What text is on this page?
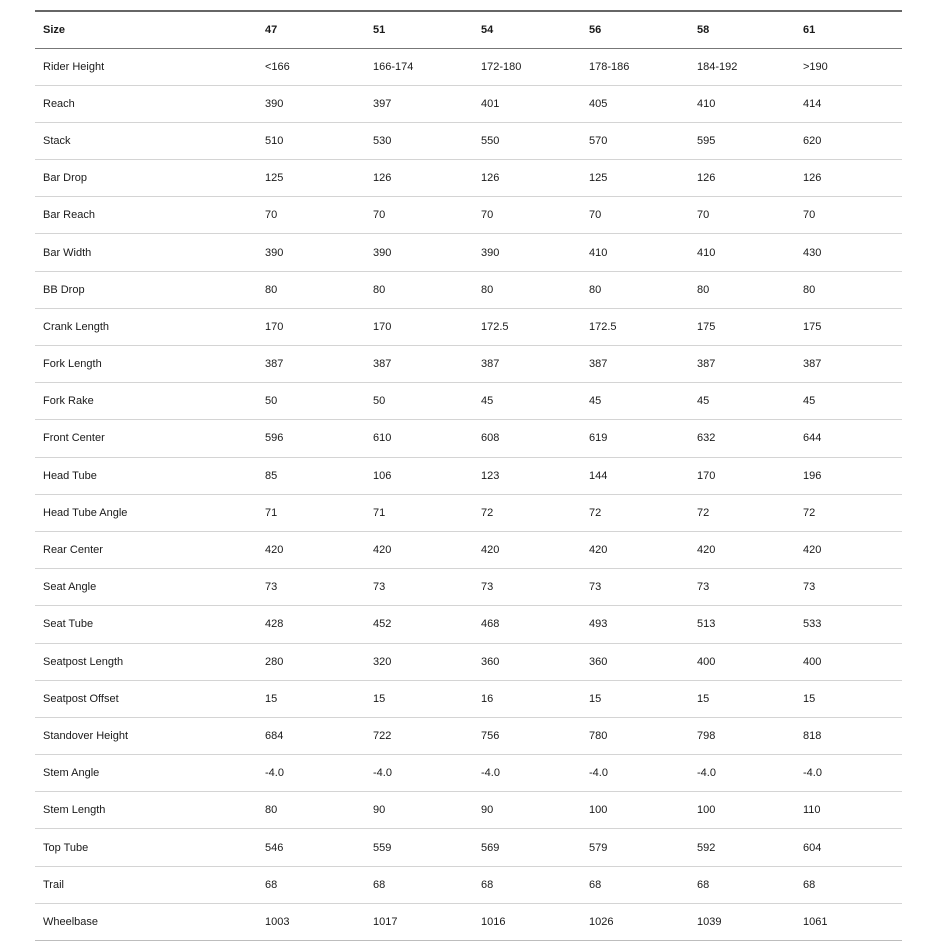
Size	47	51	54	56	58	61
Rider Height	<166	166-174	172-180	178-186	184-192	>190
Reach	390	397	401	405	410	414
Stack	510	530	550	570	595	620
Bar Drop	125	126	126	125	126	126
Bar Reach	70	70	70	70	70	70
Bar Width	390	390	390	410	410	430
BB Drop	80	80	80	80	80	80
Crank Length	170	170	172.5	172.5	175	175
Fork Length	387	387	387	387	387	387
Fork Rake	50	50	45	45	45	45
Front Center	596	610	608	619	632	644
Head Tube	85	106	123	144	170	196
Head Tube Angle	71	71	72	72	72	72
Rear Center	420	420	420	420	420	420
Seat Angle	73	73	73	73	73	73
Seat Tube	428	452	468	493	513	533
Seatpost Length	280	320	360	360	400	400
Seatpost Offset	15	15	16	15	15	15
Standover Height	684	722	756	780	798	818
Stem Angle	-4.0	-4.0	-4.0	-4.0	-4.0	-4.0
Stem Length	80	90	90	100	100	110
Top Tube	546	559	569	579	592	604
Trail	68	68	68	68	68	68
Wheelbase	1003	1017	1016	1026	1039	1061
